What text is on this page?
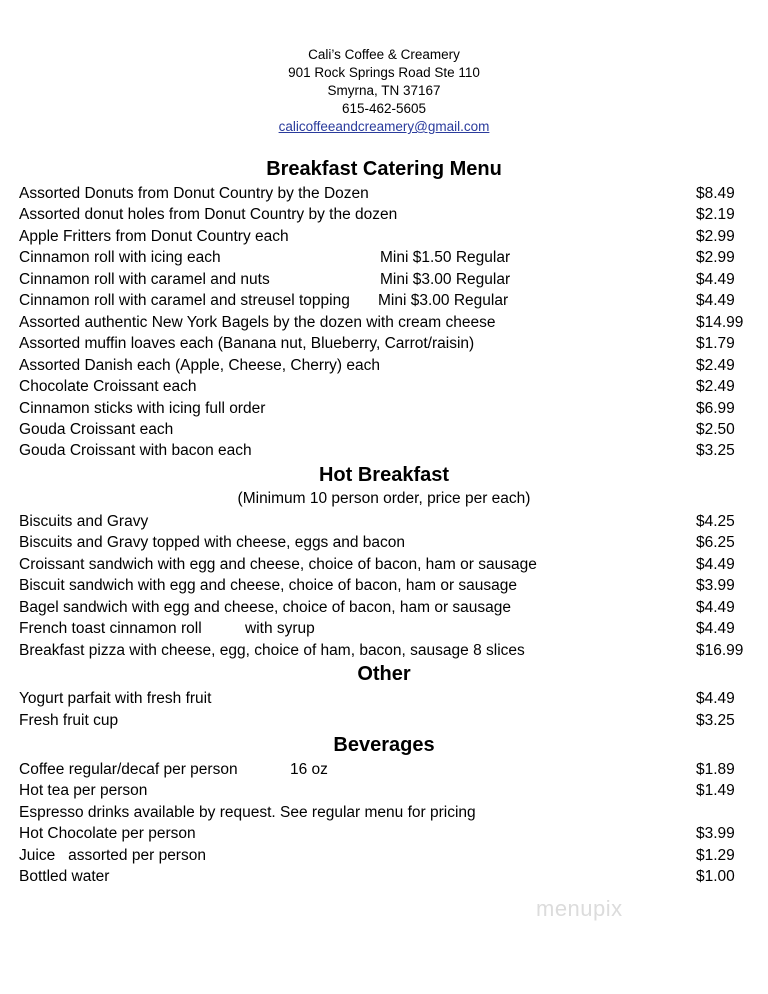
Cali’s Coffee & Creamery
901 Rock Springs Road Ste 110
Smyrna, TN 37167
615-462-5605
calicoffeeandcreamery@gmail.com
Breakfast Catering Menu
Assorted Donuts from Donut Country by the Dozen	$8.49
Assorted donut holes from Donut Country by the dozen	$2.19
Apple Fritters from Donut Country each	$2.99
Cinnamon roll with icing each	Mini $1.50 Regular	$2.99
Cinnamon roll with caramel and nuts	Mini $3.00 Regular	$4.49
Cinnamon roll with caramel and streusel topping Mini $3.00 Regular	$4.49
Assorted authentic New York Bagels by the dozen with cream cheese	$14.99
Assorted muffin loaves each (Banana nut, Blueberry, Carrot/raisin)	$1.79
Assorted Danish each (Apple, Cheese, Cherry) each	$2.49
Chocolate Croissant each	$2.49
Cinnamon sticks with icing full order	$6.99
Gouda Croissant each	$2.50
Gouda Croissant with bacon each	$3.25
Hot Breakfast
(Minimum 10 person order, price per each)
Biscuits and Gravy	$4.25
Biscuits and Gravy topped with cheese, eggs and bacon	$6.25
Croissant sandwich with egg and cheese, choice of bacon, ham or sausage	$4.49
Biscuit sandwich with egg and cheese, choice of bacon, ham or sausage	$3.99
Bagel sandwich with egg and cheese, choice of bacon, ham or sausage	$4.49
French toast cinnamon roll	with syrup	$4.49
Breakfast pizza with cheese, egg, choice of ham, bacon, sausage 8 slices	$16.99
Other
Yogurt parfait with fresh fruit	$4.49
Fresh fruit cup	$3.25
Beverages
Coffee regular/decaf per person	16 oz	$1.89
Hot tea per person	$1.49
Espresso drinks available by request. See regular menu for pricing
Hot Chocolate per person	$3.99
Juice   assorted per person	$1.29
Bottled water	$1.00
menupix
